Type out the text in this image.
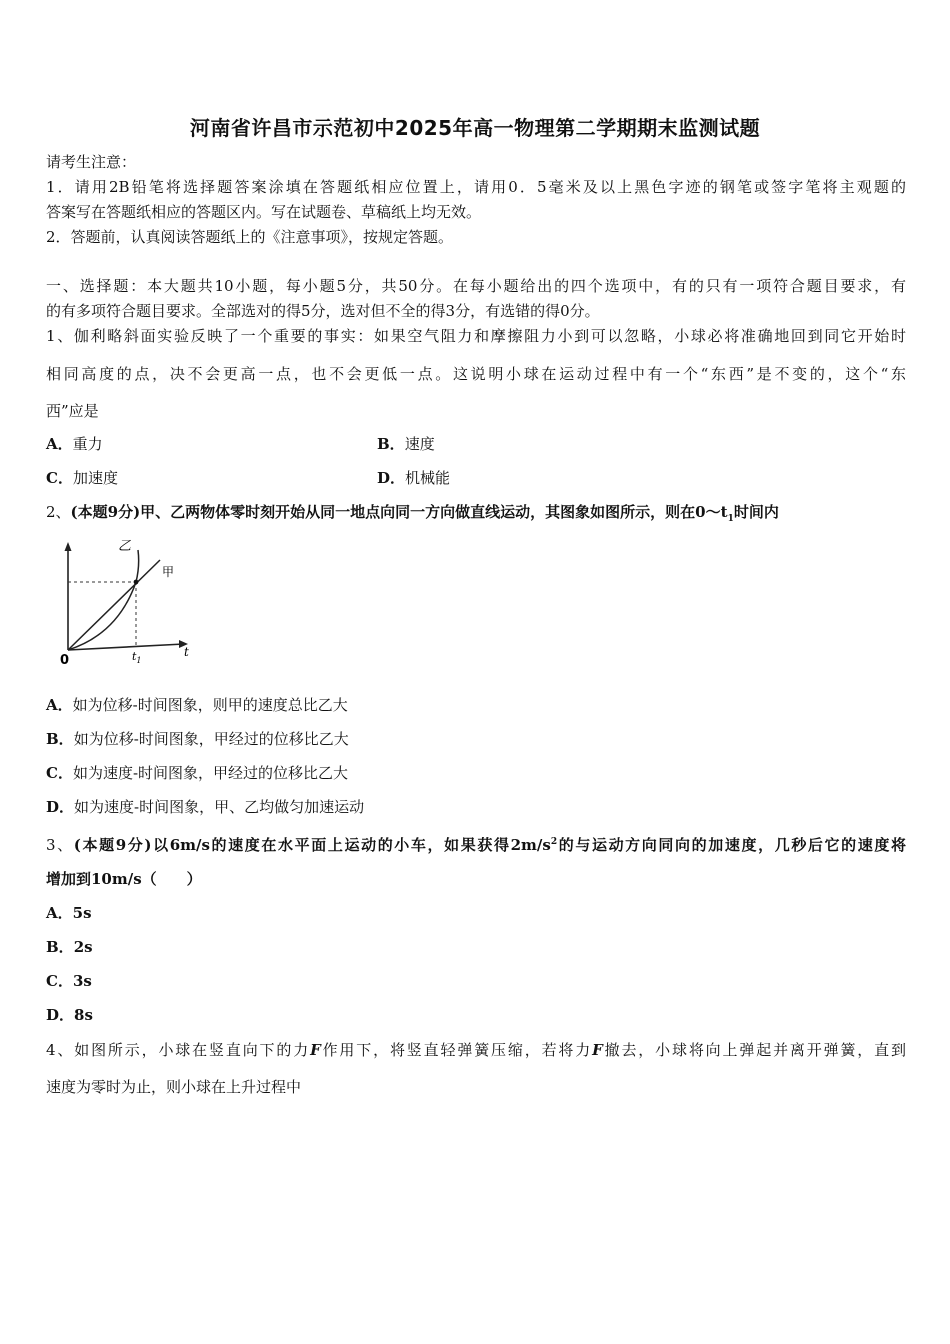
河南省许昌市示范初中2025年高一物理第二学期期末监测试题
请考生注意：
1．请用2B铅笔将选择题答案涂填在答题纸相应位置上，请用0．5毫米及以上黑色字迹的钢笔或签字笔将主观题的
答案写在答题纸相应的答题区内。写在试题卷、草稿纸上均无效。
2．答题前，认真阅读答题纸上的《注意事项》，按规定答题。
一、选择题：本大题共10小题，每小题5分，共50分。在每小题给出的四个选项中，有的只有一项符合题目要求，有
的有多项符合题目要求。全部选对的得5分，选对但不全的得3分，有选错的得0分。
1、伽利略斜面实验反映了一个重要的事实：如果空气阻力和摩擦阻力小到可以忽略，小球必将准确地回到同它开始时
相同高度的点，决不会更高一点，也不会更低一点。这说明小球在运动过程中有一个“东西”是不变的，这个“东
西”应是
A．重力	B．速度
C．加速度	D．机械能
2、(本题9分)甲、乙两物体零时刻开始从同一地点向同一方向做直线运动，其图象如图所示，则在$0\sim t_1$时间内
乙
甲
0	$t_1$
t
A．如为位移-时间图象，则甲的速度总比乙大
B．如为位移-时间图象，甲经过的位移比乙大
C．如为速度-时间图象，甲经过的位移比乙大
D．如为速度-时间图象，甲、乙均做匀加速运动
3、(本题9分)以6m/s的速度在水平面上运动的小车，如果获得$2m/s^2$的与运动方向同向的加速度，几秒后它的速度将
增加到10m/s（　　）
A．5s
B．2s
C．3s
D．8s
4、如图所示，小球在竖直向下的力F作用下，将竖直轻弹簧压缩，若将力F撤去，小球将向上弹起并离开弹簧，直到
速度为零时为止，则小球在上升过程中
